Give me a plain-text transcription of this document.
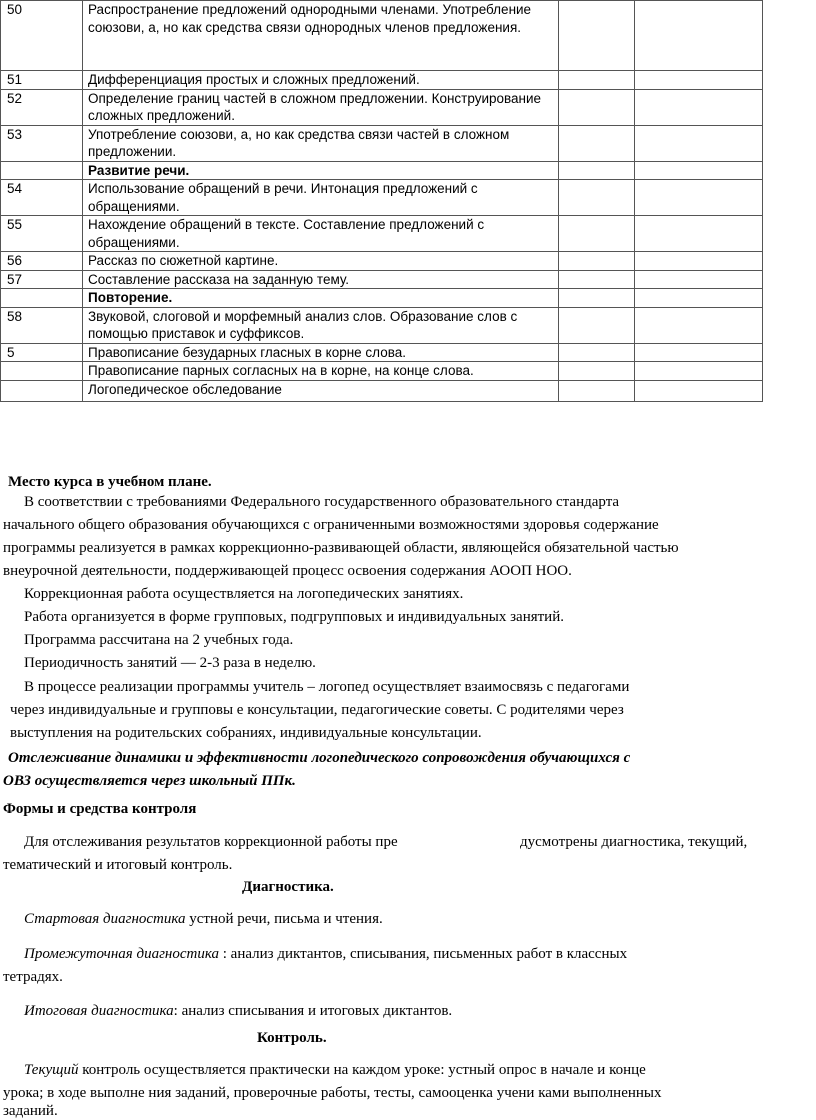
50	Распространение предложений однородными членами. Употребление союзови, а, но как средства связи однородных членов предложения.		
51	Дифференциация простых и сложных предложений.		
52	Определение границ частей в сложном предложении. Конструирование сложных предложений.		
53	Употребление союзови, а, но как средства связи частей в сложном предложении.		
	Развитие речи.		
54	Использование обращений в речи. Интонация предложений с обращениями.		
55	Нахождение обращений в тексте. Составление предложений с обращениями.		
56	Рассказ по сюжетной картине.		
57	Составление рассказа на заданную тему.		
	Повторение.		
58	Звуковой, слоговой и морфемный анализ слов. Образование слов с помощью приставок и суффиксов.		
5	Правописание безударных гласных в корне слова.		
	Правописание парных согласных на в корне, на конце слова.		
	Логопедическое обследование		
Место курса в учебном плане.
В соответствии с требованиями Федерального государственного образовательного стандарта
начального общего образования обучающихся с ограниченными возможностями здоровья содержание
программы реализуется в рамках коррекционно-развивающей области, являющейся обязательной частью
внеурочной деятельности, поддерживающей процесс освоения содержания АООП НОО.
Коррекционная работа осуществляется на логопедических занятиях.
Работа организуется в форме групповых, подгрупповых и индивидуальных занятий.
Программа рассчитана на 2 учебных года.
Периодичность занятий — 2-3 раза в неделю.
В процессе реализации программы учитель – логопед осуществляет взаимосвязь с педагогами
через индивидуальные и групповы е консультации, педагогические советы. С родителями через
выступления на родительских собраниях, индивидуальные консультации.
Отслеживание динамики и эффективности логопедического сопровождения обучающихся с
ОВЗ осуществляется через школьный ППк.
Формы и средства контроля
Для отслеживания результатов коррекционной работы пре	дусмотрены диагностика, текущий,
тематический и итоговый контроль.
Диагностика.
Стартовая диагностика устной речи, письма и чтения.
Промежуточная диагностика : анализ диктантов, списывания, письменных работ в классных
тетрадях.
Итоговая диагностика: анализ списывания и итоговых диктантов.
Контроль.
Текущий контроль осуществляется практически на каждом уроке: устный опрос в начале и конце
урока; в ходе выполне ния заданий, проверочные работы, тесты, самооценка учени ками выполненных
заданий.
